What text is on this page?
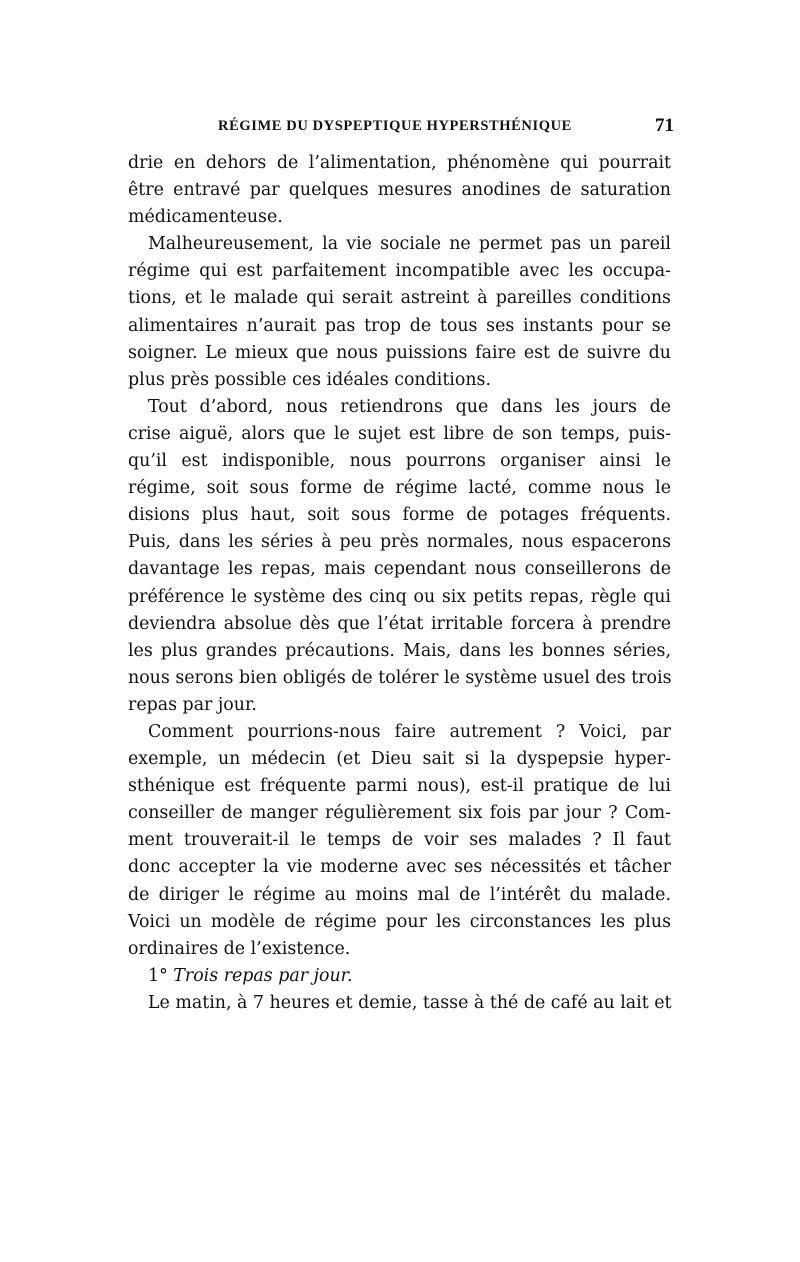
RÉGIME DU DYSPEPTIQUE HYPERSTHÉNIQUE	71
drie en dehors de l’alimentation, phénomène qui pourrait
être entravé par quelques mesures anodines de saturation
médicamenteuse.
Malheureusement, la vie sociale ne permet pas un pareil
régime qui est parfaitement incompatible avec les occupa-
tions, et le malade qui serait astreint à pareilles conditions
alimentaires n’aurait pas trop de tous ses instants pour se
soigner. Le mieux que nous puissions faire est de suivre du
plus près possible ces idéales conditions.
Tout d’abord, nous retiendrons que dans les jours de
crise aiguë, alors que le sujet est libre de son temps, puis-
qu’il est indisponible, nous pourrons organiser ainsi le
régime, soit sous forme de régime lacté, comme nous le
disions plus haut, soit sous forme de potages fréquents.
Puis, dans les séries à peu près normales, nous espacerons
davantage les repas, mais cependant nous conseillerons de
préférence le système des cinq ou six petits repas, règle qui
deviendra absolue dès que l’état irritable forcera à prendre
les plus grandes précautions. Mais, dans les bonnes séries,
nous serons bien obligés de tolérer le système usuel des trois
repas par jour.
Comment pourrions-nous faire autrement ? Voici, par
exemple, un médecin (et Dieu sait si la dyspepsie hyper-
sthénique est fréquente parmi nous), est-il pratique de lui
conseiller de manger régulièrement six fois par jour ? Com-
ment trouverait-il le temps de voir ses malades ? Il faut
donc accepter la vie moderne avec ses nécessités et tâcher
de diriger le régime au moins mal de l’intérêt du malade.
Voici un modèle de régime pour les circonstances les plus
ordinaires de l’existence.
1° Trois repas par jour.
Le matin, à 7 heures et demie, tasse à thé de café au lait et
